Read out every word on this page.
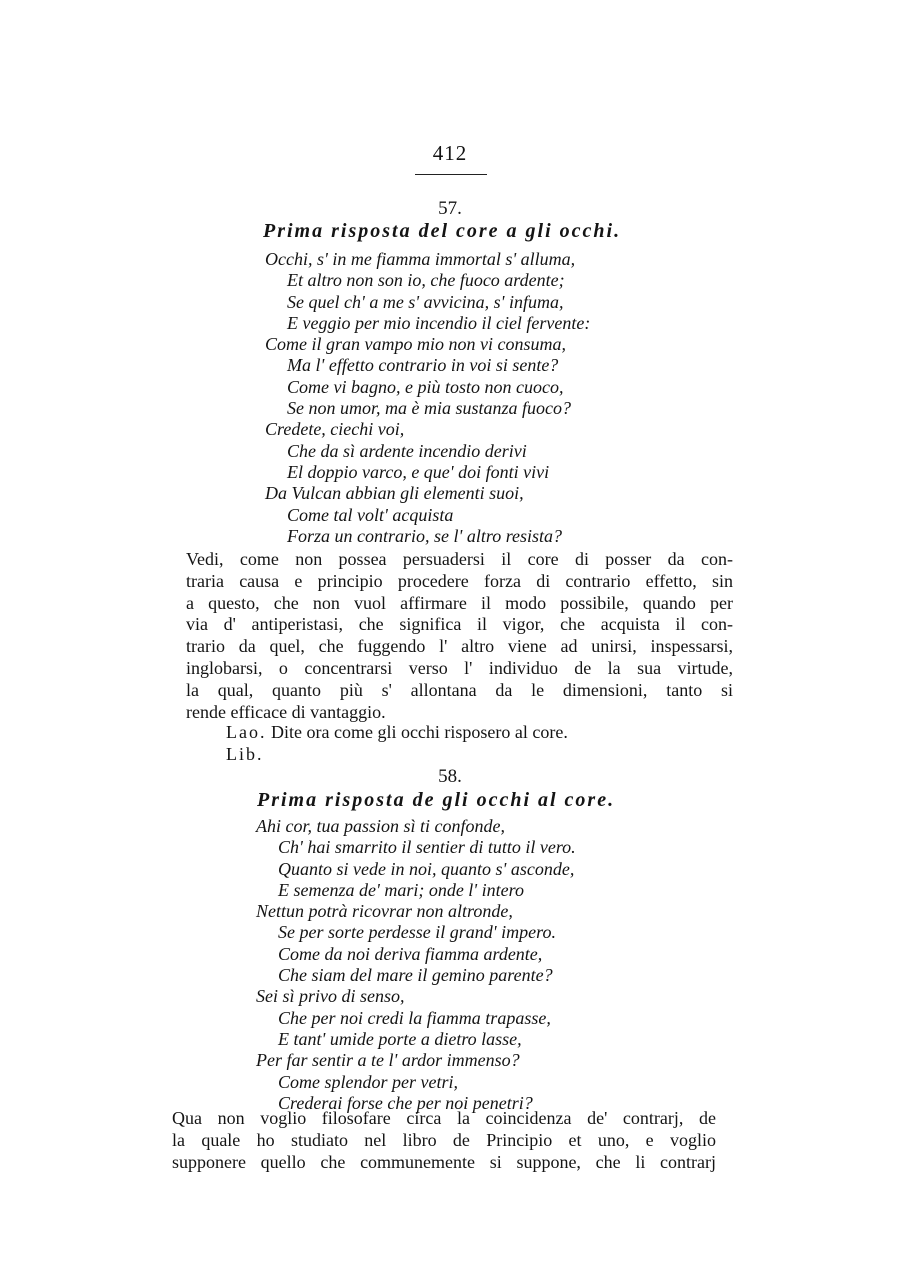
412
57.
Prima risposta del core a gli occhi.
Occhi, s' in me fiamma immortal s' alluma,
Et altro non son io, che fuoco ardente;
Se quel ch' a me s' avvicina, s' infuma,
E veggio per mio incendio il ciel fervente:
Come il gran vampo mio non vi consuma,
Ma l' effetto contrario in voi si sente?
Come vi bagno, e più tosto non cuoco,
Se non umor, ma è mia sustanza fuoco?
Credete, ciechi voi,
Che da sì ardente incendio derivi
El doppio varco, e que' doi fonti vivi
Da Vulcan abbian gli elementi suoi,
Come tal volt' acquista
Forza un contrario, se l' altro resista?
Vedi, come non possea persuadersi il core di posser da con-
traria causa e principio procedere forza di contrario effetto, sin
a questo, che non vuol affirmare il modo possibile, quando per
via d' antiperistasi, che significa il vigor, che acquista il con-
trario da quel, che fuggendo l' altro viene ad unirsi, inspessarsi,
inglobarsi, o concentrarsi verso l' individuo de la sua virtude,
la qual, quanto più s' allontana da le dimensioni, tanto si
rende efficace di vantaggio.
Lao. Dite ora come gli occhi risposero al core.
Lib.
58.
Prima risposta de gli occhi al core.
Ahi cor, tua passion sì ti confonde,
Ch' hai smarrito il sentier di tutto il vero.
Quanto si vede in noi, quanto s' asconde,
E semenza de' mari; onde l' intero
Nettun potrà ricovrar non altronde,
Se per sorte perdesse il grand' impero.
Come da noi deriva fiamma ardente,
Che siam del mare il gemino parente?
Sei sì privo di senso,
Che per noi credi la fiamma trapasse,
E tant' umide porte a dietro lasse,
Per far sentir a te l' ardor immenso?
Come splendor per vetri,
Crederai forse che per noi penetri?
Qua non voglio filosofare circa la coincidenza de' contrarj, de
la quale ho studiato nel libro de Principio et uno, e voglio
supponere quello che communemente si suppone, che li contrarj
